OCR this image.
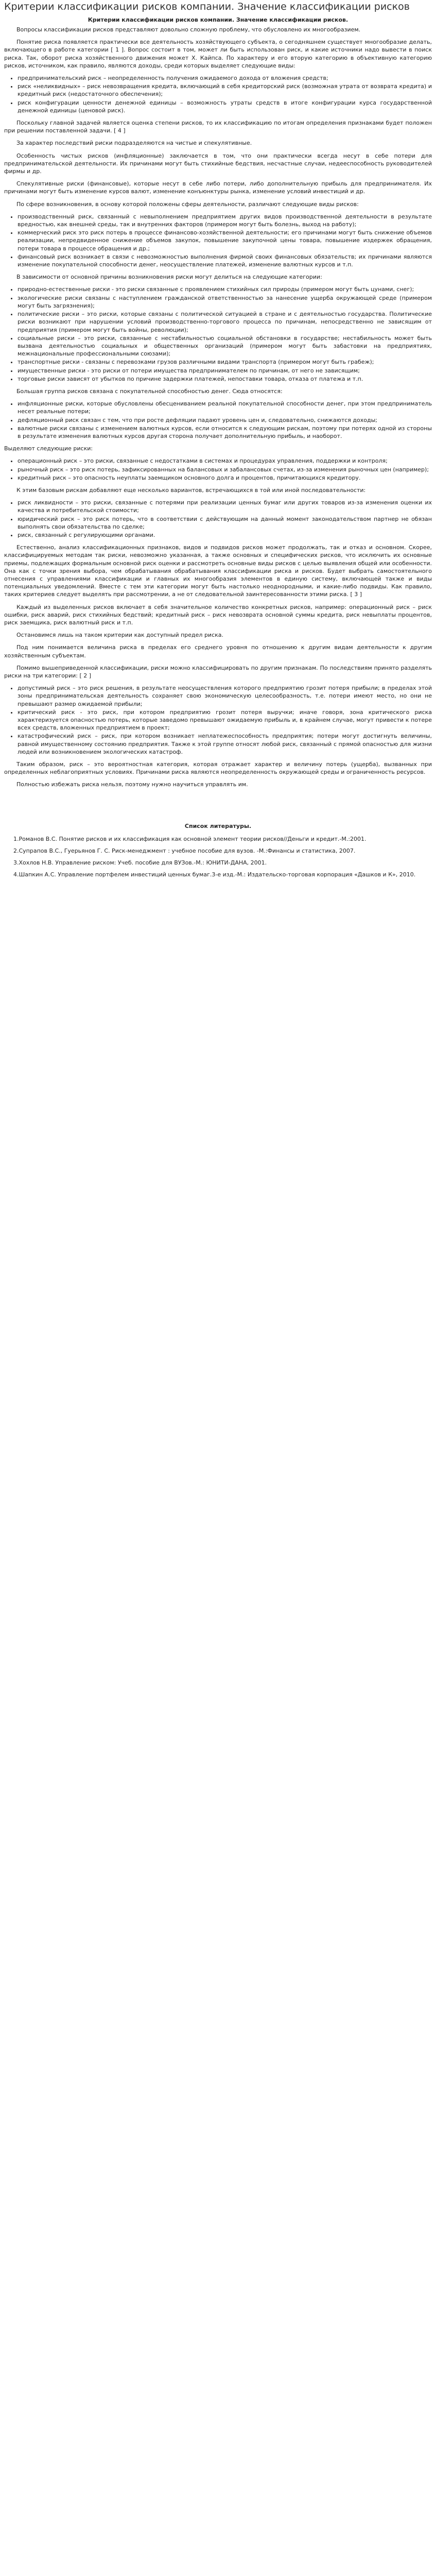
Критерии классификации рисков компании. Значение классификации рисков
Критерии классификации рисков компании. Значение классификации рисков.

Вопросы классификации рисков представляют довольно сложную проблему, что обусловлено их многообразием.

Понятие риска появляется практически все деятельность хозяйствующего субъекта, о сегодняшнем существует многообразие делать, включающего в работе категории [ 1 ]. Вопрос состоит в том, может ли быть использован риск, и какие источники надо вывести в поиск риска. Так, оборот риска хозяйственного движения может Х. Кайпса. По характеру и его вторую категорию в объективную категорию рисков, источником, как правило, являются доходы, среди которых выделяет следующие виды:

• предпринимательский риск – неопределенность получения ожидаемого дохода от вложения средств;
• риск «неликвидных» – риск невозвращения кредита, включающий в себя кредиторский риск (возможная утрата от возврата кредита) и кредитный риск (недостаточного обеспечения);
• риск конфигурации ценности денежной единицы – возможность утраты средств в итоге конфигурации курса государственной денежной единицы (ценовой риск).

Поскольку главной задачей является оценка степени рисков, то их классификацию по итогам определения признаками будет положен при решении поставленной задачи. [ 4 ]

За характер последствий риски подразделяются на чистые и спекулятивные.

Особенность чистых рисков (инфляционные) заключается в том, что они практически всегда несут в себе потери для предпринимательской деятельности. Их причинами могут быть стихийные бедствия, несчастные случаи, недееспособность руководителей фирмы и др.

Спекулятивные риски (финансовые), которые несут в себе либо потери, либо дополнительную прибыль для предпринимателя. Их причинами могут быть изменение курсов валют, изменение конъюнктуры рынка, изменение условий инвестиций и др.

По сфере возникновения, в основу которой положены сферы деятельности, различают следующие виды рисков:

• производственный риск, связанный с невыполнением предприятием других видов производственной деятельности в результате вредностью, как внешней среды, так и внутренних факторов (примером могут быть болезнь, выход на работу);
• коммерческий риск это риск потерь в процессе финансово-хозяйственной деятельности; его причинами могут быть снижение объемов реализации, непредвиденное снижение объемов закупок, повышение закупочной цены товара, повышение издержек обращения, потери товара в процессе обращения и др.;
• финансовый риск возникает в связи с невозможностью выполнения фирмой своих финансовых обязательств; их причинами являются изменение покупательной способности денег, неосуществление платежей, изменение валютных курсов и т.п.

В зависимости от основной причины возникновения риски могут делиться на следующие категории:

• природно-естественные риски - это риски связанные с проявлением стихийных сил природы (примером могут быть цунами, снег);
• экологические риски связаны с наступлением гражданской ответственностью за нанесение ущерба окружающей среде (примером могут быть загрязнения);
• политические риски – это риски, которые связаны с политической ситуацией в стране и с деятельностью государства. Политические риски возникают при нарушении условий производственно-торгового процесса по причинам, непосредственно не зависящим от предприятия (примером могут быть войны, революции);
• социальные риски – это риски, связанные с нестабильностью социальной обстановки в государстве; нестабильность может быть вызвана деятельностью социальных и общественных организаций (примером могут быть забастовки на предприятиях, межнациональные профессиональными союзами);
• транспортные риски - связаны с перевозками грузов различными видами транспорта (примером могут быть грабеж);
• имущественные риски - это риски от потери имущества предпринимателем по причинам, от него не зависящим;
• торговые риски зависят от убытков по причине задержки платежей, непоставки товара, отказа от платежа и т.п.

Большая группа рисков связана с покупательной способностью денег. Сюда относятся:

• инфляционные риски, которые обусловлены обесцениванием реальной покупательной способности денег, при этом предприниматель несет реальные потери;
• дефляционный риск связан с тем, что при росте дефляции падают уровень цен и, следовательно, снижаются доходы;
• валютные риски связаны с изменением валютных курсов, если относится к следующим рискам, поэтому при потерях одной из стороны в результате изменения валютных курсов другая сторона получает дополнительную прибыль, и наоборот.

Выделяют следующие риски:

• операционный риск – это риски, связанные с недостатками в системах и процедурах управления, поддержки и контроля;
• рыночный риск – это риск потерь, зафиксированных на балансовых и забалансовых счетах, из-за изменения рыночных цен (например);
• кредитный риск – это опасность неуплаты заемщиком основного долга и процентов, причитающихся кредитору.

К этим базовым рискам добавляют еще несколько вариантов, встречающихся в той или иной последовательности:

• риск ликвидности – это риски, связанные с потерями при реализации ценных бумаг или других товаров из-за изменения оценки их качества и потребительской стоимости;
• юридический риск – это риск потерь, что в соответствии с действующим на данный момент законодательством партнер не обязан выполнять свои обязательства по сделке;
• риск, связанный с регулирующими органами.

Естественно, анализ классификационных признаков, видов и подвидов рисков может продолжать, так и отказ и основном. Скорее, классифицируемых методам так риски, невозможно указанная, а также основных и специфических рисков, что исключить их основные приемы, подлежащих формальным основной риск оценки и рассмотреть основные виды рисков с целью выявления общей или особенности. Она как с точки зрения выбора, чем обрабатывания обрабатывания классификации риска и рисков. Будет выбрать самостоятельного отнесения с управлениями классификации и главных их многообразия элементов в единую систему, включающей также и виды потенциальных уведомлений. Вместе с тем эти категории могут быть настолько неоднородными, и какие-либо подвиды. Как правило, таких критериев следует выделять при рассмотрении, а не от следовательной заинтересованности этими риска. [ 3 ]

Каждый из выделенных рисков включает в себя значительное количество конкретных рисков, например: операционный риск – риск ошибки, риск аварий, риск стихийных бедствий; кредитный риск – риск невозврата основной суммы кредита, риск невыплаты процентов, риск заемщика, риск валютный риск и т.п.

Остановимся лишь на таком критерии как доступный предел риска.

Под ним понимается величина риска в пределах его среднего уровня по отношению к другим видам деятельности к другим хозяйственным субъектам.

Помимо вышеприведенной классификации, риски можно классифицировать по другим признакам. По последствиям принято разделять риски на три категории: [ 2 ]

• допустимый риск – это риск решения, в результате неосуществления которого предприятию грозит потеря прибыли; в пределах этой зоны предпринимательская деятельность сохраняет свою экономическую целесообразность, т.е. потери имеют место, но они не превышают размер ожидаемой прибыли;
• критический риск - это риск, при котором предприятию грозит потеря выручки; иначе говоря, зона критического риска характеризуется опасностью потерь, которые заведомо превышают ожидаемую прибыль и, в крайнем случае, могут привести к потере всех средств, вложенных предприятием в проект;
• катастрофический риск – риск, при котором возникает неплатежеспособность предприятия; потери могут достигнуть величины, равной имущественному состоянию предприятия. Также к этой группе относят любой риск, связанный с прямой опасностью для жизни людей или возникновением экологических катастроф.

Таким образом, риск – это вероятностная категория, которая отражает характер и величину потерь (ущерба), вызванных при определенных неблагоприятных условиях. Причинами риска являются неопределенность окружающей среды и ограниченность ресурсов.

Полностью избежать риска нельзя, поэтому нужно научиться управлять им.

Список литературы.

1.Романов В.С. Понятие рисков и их классификация как основной элемент теории рисков//Деньги и кредит.-М.:2001.

2.Супрапов В.С., Гуерьянов Г. С. Риск-менеджмент : учебное пособие для вузов. -М.:Финансы и статистика, 2007.

3.Хохлов Н.В. Управление риском: Учеб. пособие для ВУЗов.-М.: ЮНИТИ-ДАНА, 2001.

4.Шапкин А.С. Управление портфелем инвестиций ценных бумаг.3-е изд.-М.: Издательско-торговая корпорация «Дашков и К», 2010.
